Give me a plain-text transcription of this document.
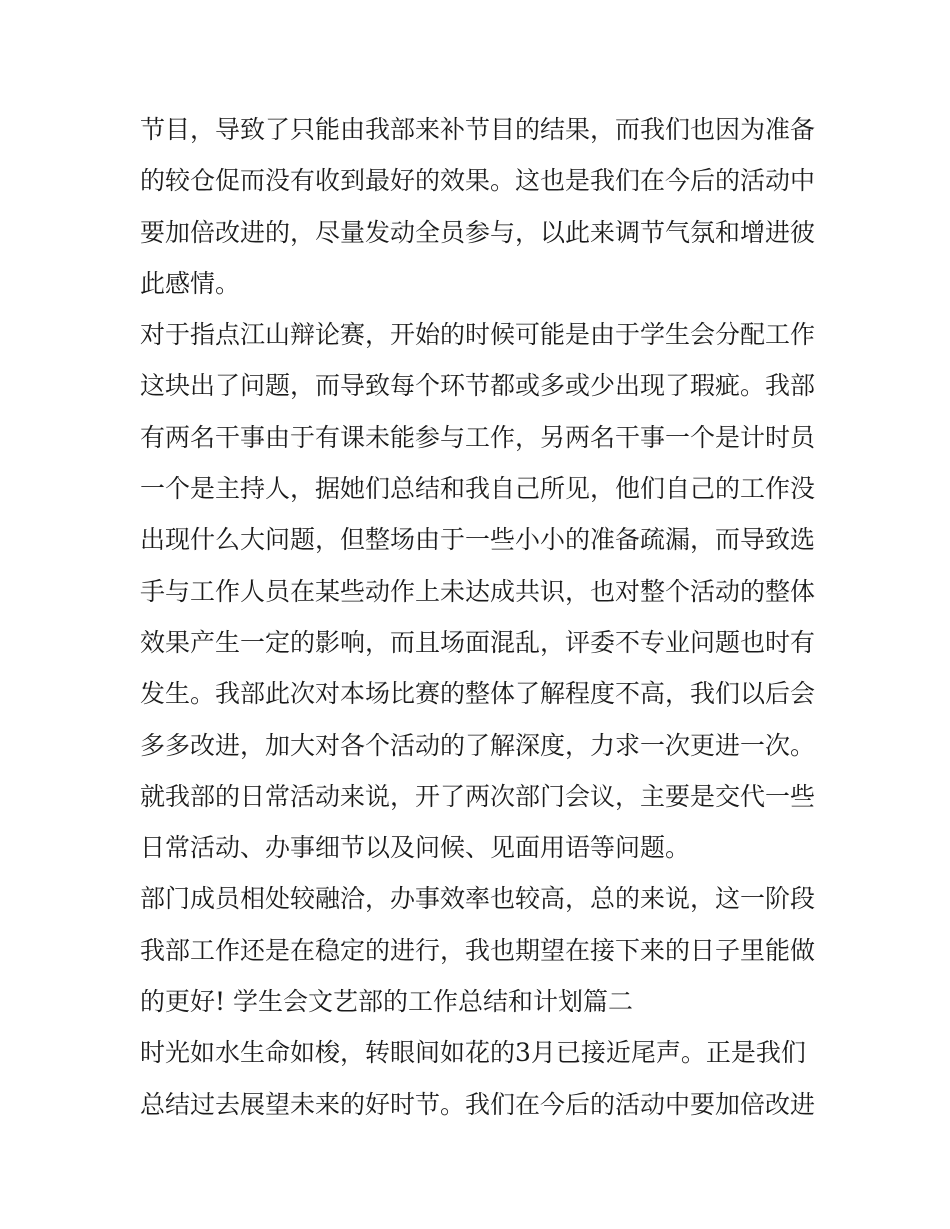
节目，导致了只能由我部来补节目的结果，而我们也因为准备
的较仓促而没有收到最好的效果。这也是我们在今后的活动中
要加倍改进的，尽量发动全员参与，以此来调节气氛和增进彼
此感情。
对于指点江山辩论赛，开始的时候可能是由于学生会分配工作
这块出了问题，而导致每个环节都或多或少出现了瑕疵。我部
有两名干事由于有课未能参与工作，另两名干事一个是计时员
一个是主持人，据她们总结和我自己所见，他们自己的工作没
出现什么大问题，但整场由于一些小小的准备疏漏，而导致选
手与工作人员在某些动作上未达成共识，也对整个活动的整体
效果产生一定的影响，而且场面混乱，评委不专业问题也时有
发生。我部此次对本场比赛的整体了解程度不高，我们以后会
多多改进，加大对各个活动的了解深度，力求一次更进一次。
就我部的日常活动来说，开了两次部门会议，主要是交代一些
日常活动、办事细节以及问候、见面用语等问题。
部门成员相处较融洽，办事效率也较高，总的来说，这一阶段
我部工作还是在稳定的进行，我也期望在接下来的日子里能做
的更好! 学生会文艺部的工作总结和计划篇二
时光如水生命如梭，转眼间如花的3月已接近尾声。正是我们
总结过去展望未来的好时节。我们在今后的活动中要加倍改进
